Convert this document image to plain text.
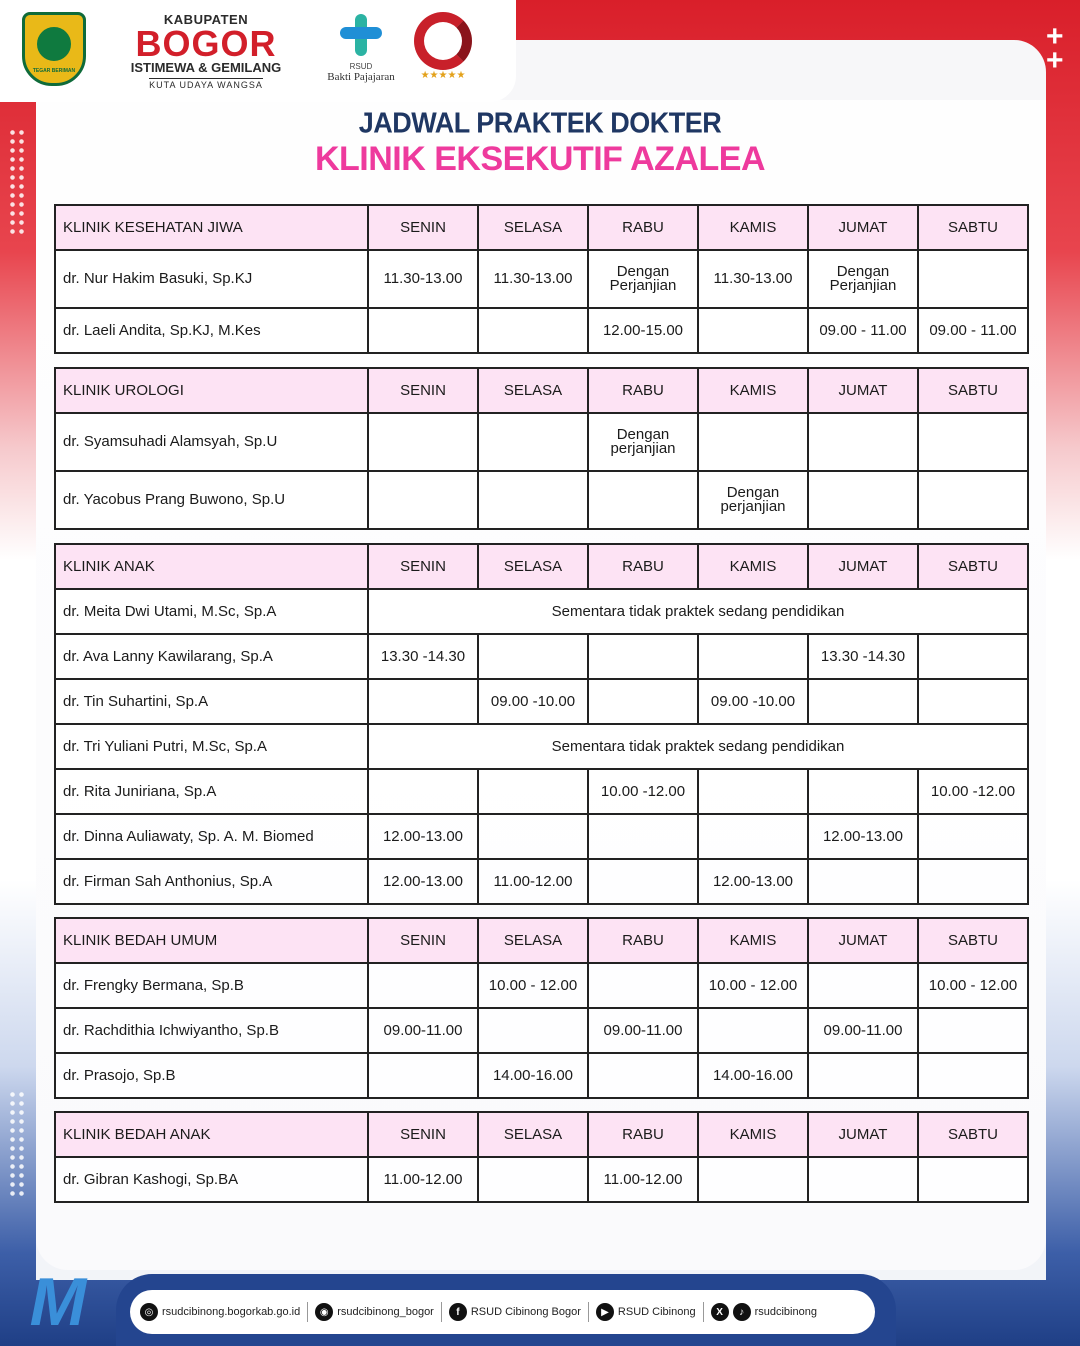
+
+
TEGAR BERIMAN
KABUPATEN
BOGOR
ISTIMEWA & GEMILANG
KUTA UDAYA WANGSA
RSUD
Bakti Pajajaran	★★★★★
JADWAL PRAKTEK DOKTER
KLINIK EKSEKUTIF AZALEA
KLINIK KESEHATAN JIWA	SENIN	SELASA	RABU	KAMIS	JUMAT	SABTU
dr. Nur Hakim Basuki, Sp.KJ	11.30-13.00	11.30-13.00	Dengan Perjanjian	11.30-13.00	Dengan Perjanjian	
dr. Laeli Andita, Sp.KJ, M.Kes			12.00-15.00		09.00 - 11.00	09.00 - 11.00
KLINIK UROLOGI	SENIN	SELASA	RABU	KAMIS	JUMAT	SABTU
dr. Syamsuhadi Alamsyah, Sp.U			Dengan perjanjian			
dr. Yacobus Prang Buwono, Sp.U				Dengan perjanjian		
KLINIK ANAK	SENIN	SELASA	RABU	KAMIS	JUMAT	SABTU
dr. Meita Dwi Utami, M.Sc, Sp.A	Sementara tidak praktek sedang pendidikan					
dr. Ava Lanny Kawilarang, Sp.A	13.30 -14.30				13.30 -14.30	
dr. Tin Suhartini, Sp.A		09.00 -10.00		09.00 -10.00		
dr. Tri Yuliani Putri, M.Sc, Sp.A	Sementara tidak praktek sedang pendidikan					
dr. Rita Juniriana, Sp.A			10.00 -12.00			10.00 -12.00
dr. Dinna Auliawaty, Sp. A. M. Biomed	12.00-13.00				12.00-13.00	
dr. Firman Sah Anthonius, Sp.A	12.00-13.00	11.00-12.00		12.00-13.00		
KLINIK BEDAH UMUM	SENIN	SELASA	RABU	KAMIS	JUMAT	SABTU
dr. Frengky Bermana, Sp.B		10.00 - 12.00		10.00 - 12.00		10.00 - 12.00
dr. Rachdithia Ichwiyantho, Sp.B	09.00-11.00		09.00-11.00		09.00-11.00	
dr. Prasojo, Sp.B		14.00-16.00		14.00-16.00		
KLINIK BEDAH ANAK	SENIN	SELASA	RABU	KAMIS	JUMAT	SABTU
dr. Gibran Kashogi, Sp.BA	11.00-12.00		11.00-12.00			
M	◎ rsudcibinong.bogorkab.go.id	◉ rsudcibinong_bogor	f	RSUD Cibinong Bogor	▶ RSUD Cibinong	X	♪ rsudcibinong
